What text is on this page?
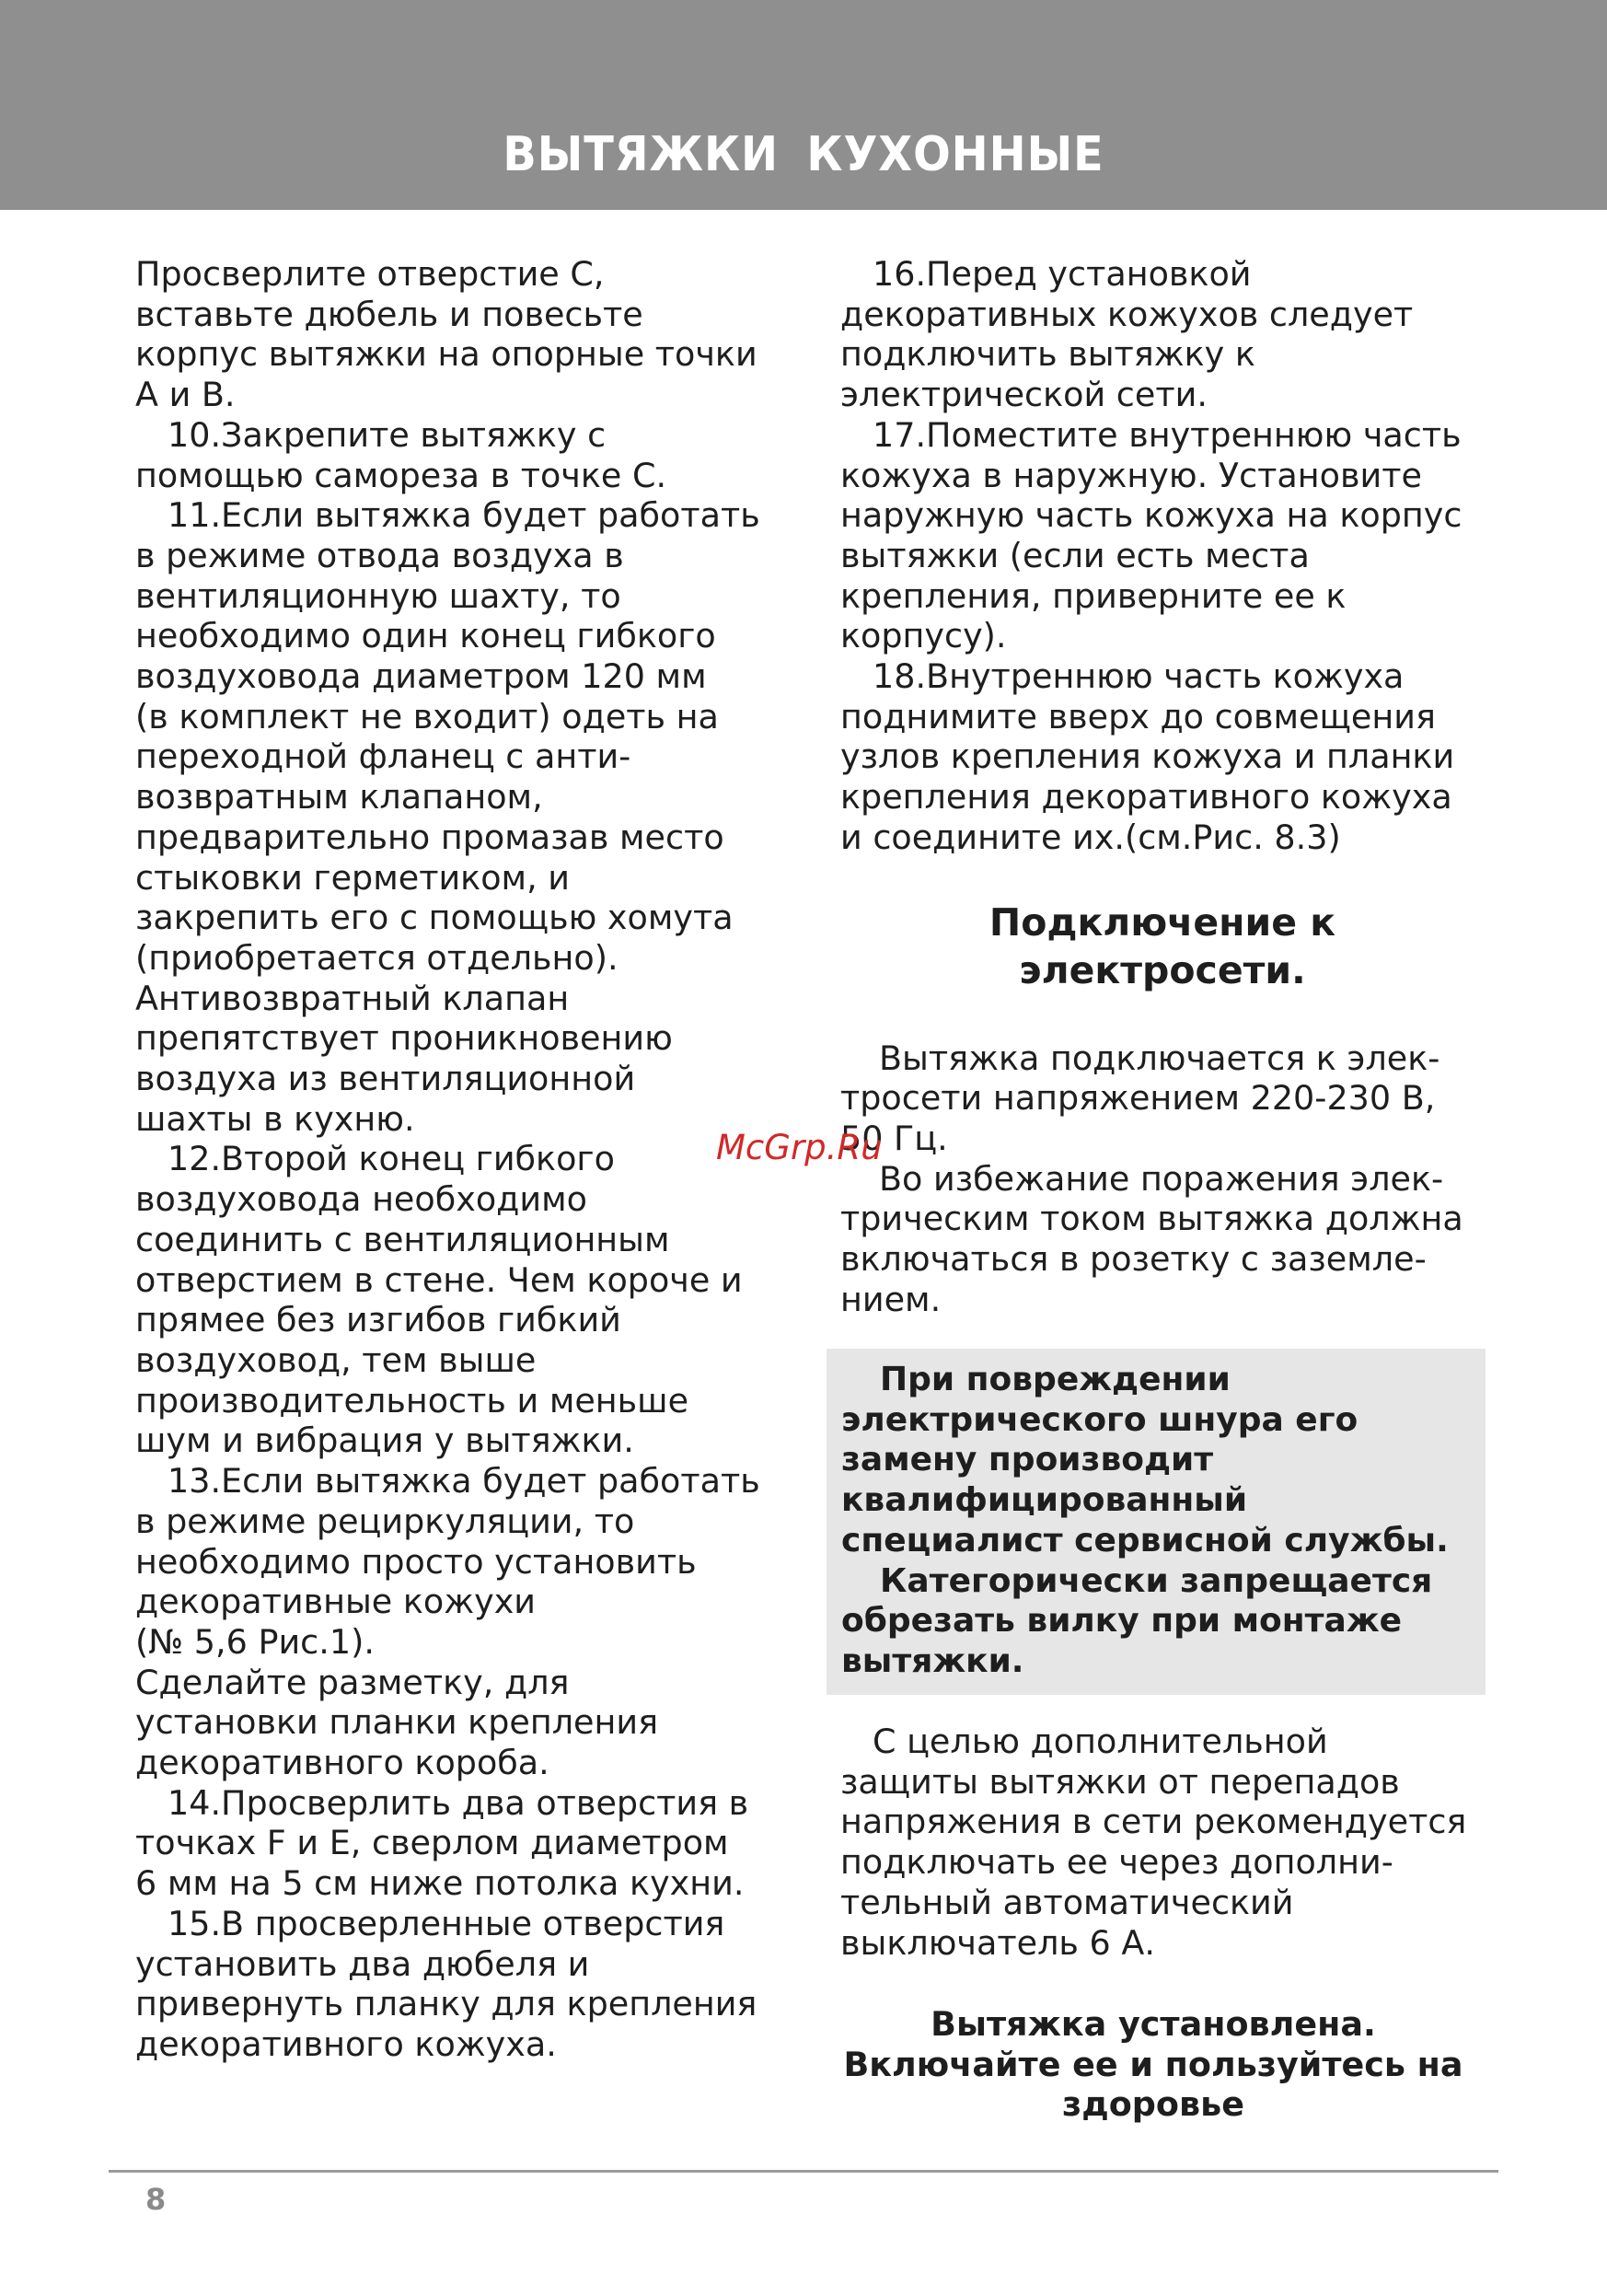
ВЫТЯЖКИ КУХОННЫЕ
Просверлите отверстие C,
вставьте дюбель и повесьте
корпус вытяжки на опорные точки
А и В.
10.Закрепите вытяжку с
помощью самореза в точке С.
11.Если вытяжка будет работать
в режиме отвода воздуха в
вентиляционную шахту, то
необходимо один конец гибкого
воздуховода диаметром 120 мм
(в комплект не входит) одеть на
переходной фланец с анти-
возвратным клапаном,
предварительно промазав место
стыковки герметиком, и
закрепить его с помощью хомута
(приобретается отдельно).
Антивозвратный клапан
препятствует проникновению
воздуха из вентиляционной
шахты в кухню.
12.Второй конец гибкого
воздуховода необходимо
соединить с вентиляционным
отверстием в стене. Чем короче и
прямее без изгибов гибкий
воздуховод, тем выше
производительность и меньше
шум и вибрация у вытяжки.
13.Если вытяжка будет работать
в режиме рециркуляции, то
необходимо просто установить
декоративные кожухи
(№ 5,6 Рис.1).
Сделайте разметку, для
установки планки крепления
декоративного короба.
14.Просверлить два отверстия в
точках F и E, сверлом диаметром
6 мм на 5 см ниже потолка кухни.
15.В просверленные отверстия
установить два дюбеля и
привернуть планку для крепления
декоративного кожуха.
16.Перед установкой
декоративных кожухов следует
подключить вытяжку к
электрической сети.
17.Поместите внутреннюю часть
кожуха в наружную. Установите
наружную часть кожуха на корпус
вытяжки (если есть места
крепления, приверните ее к
корпусу).
18.Внутреннюю часть кожуха
поднимите вверх до совмещения
узлов крепления кожуха и планки
крепления декоративного кожуха
и соедините их.(см.Рис. 8.3)
Подключение к
электросети.
Вытяжка подключается к элек-
тросети напряжением 220-230 В,
50 Гц.
Во избежание поражения элек-
трическим током вытяжка должна
включаться в розетку с заземле-
нием.
При повреждении
электрического шнура его
замену производит
квалифицированный
специалист сервисной службы.
Категорически запрещается
обрезать вилку при монтаже
вытяжки.
С целью дополнительной
защиты вытяжки от перепадов
напряжения в сети рекомендуется
подключать ее через дополни-
тельный автоматический
выключатель 6 А.
Вытяжка установлена.
Включайте ее и пользуйтесь на
здоровье
McGrp.Ru
8
